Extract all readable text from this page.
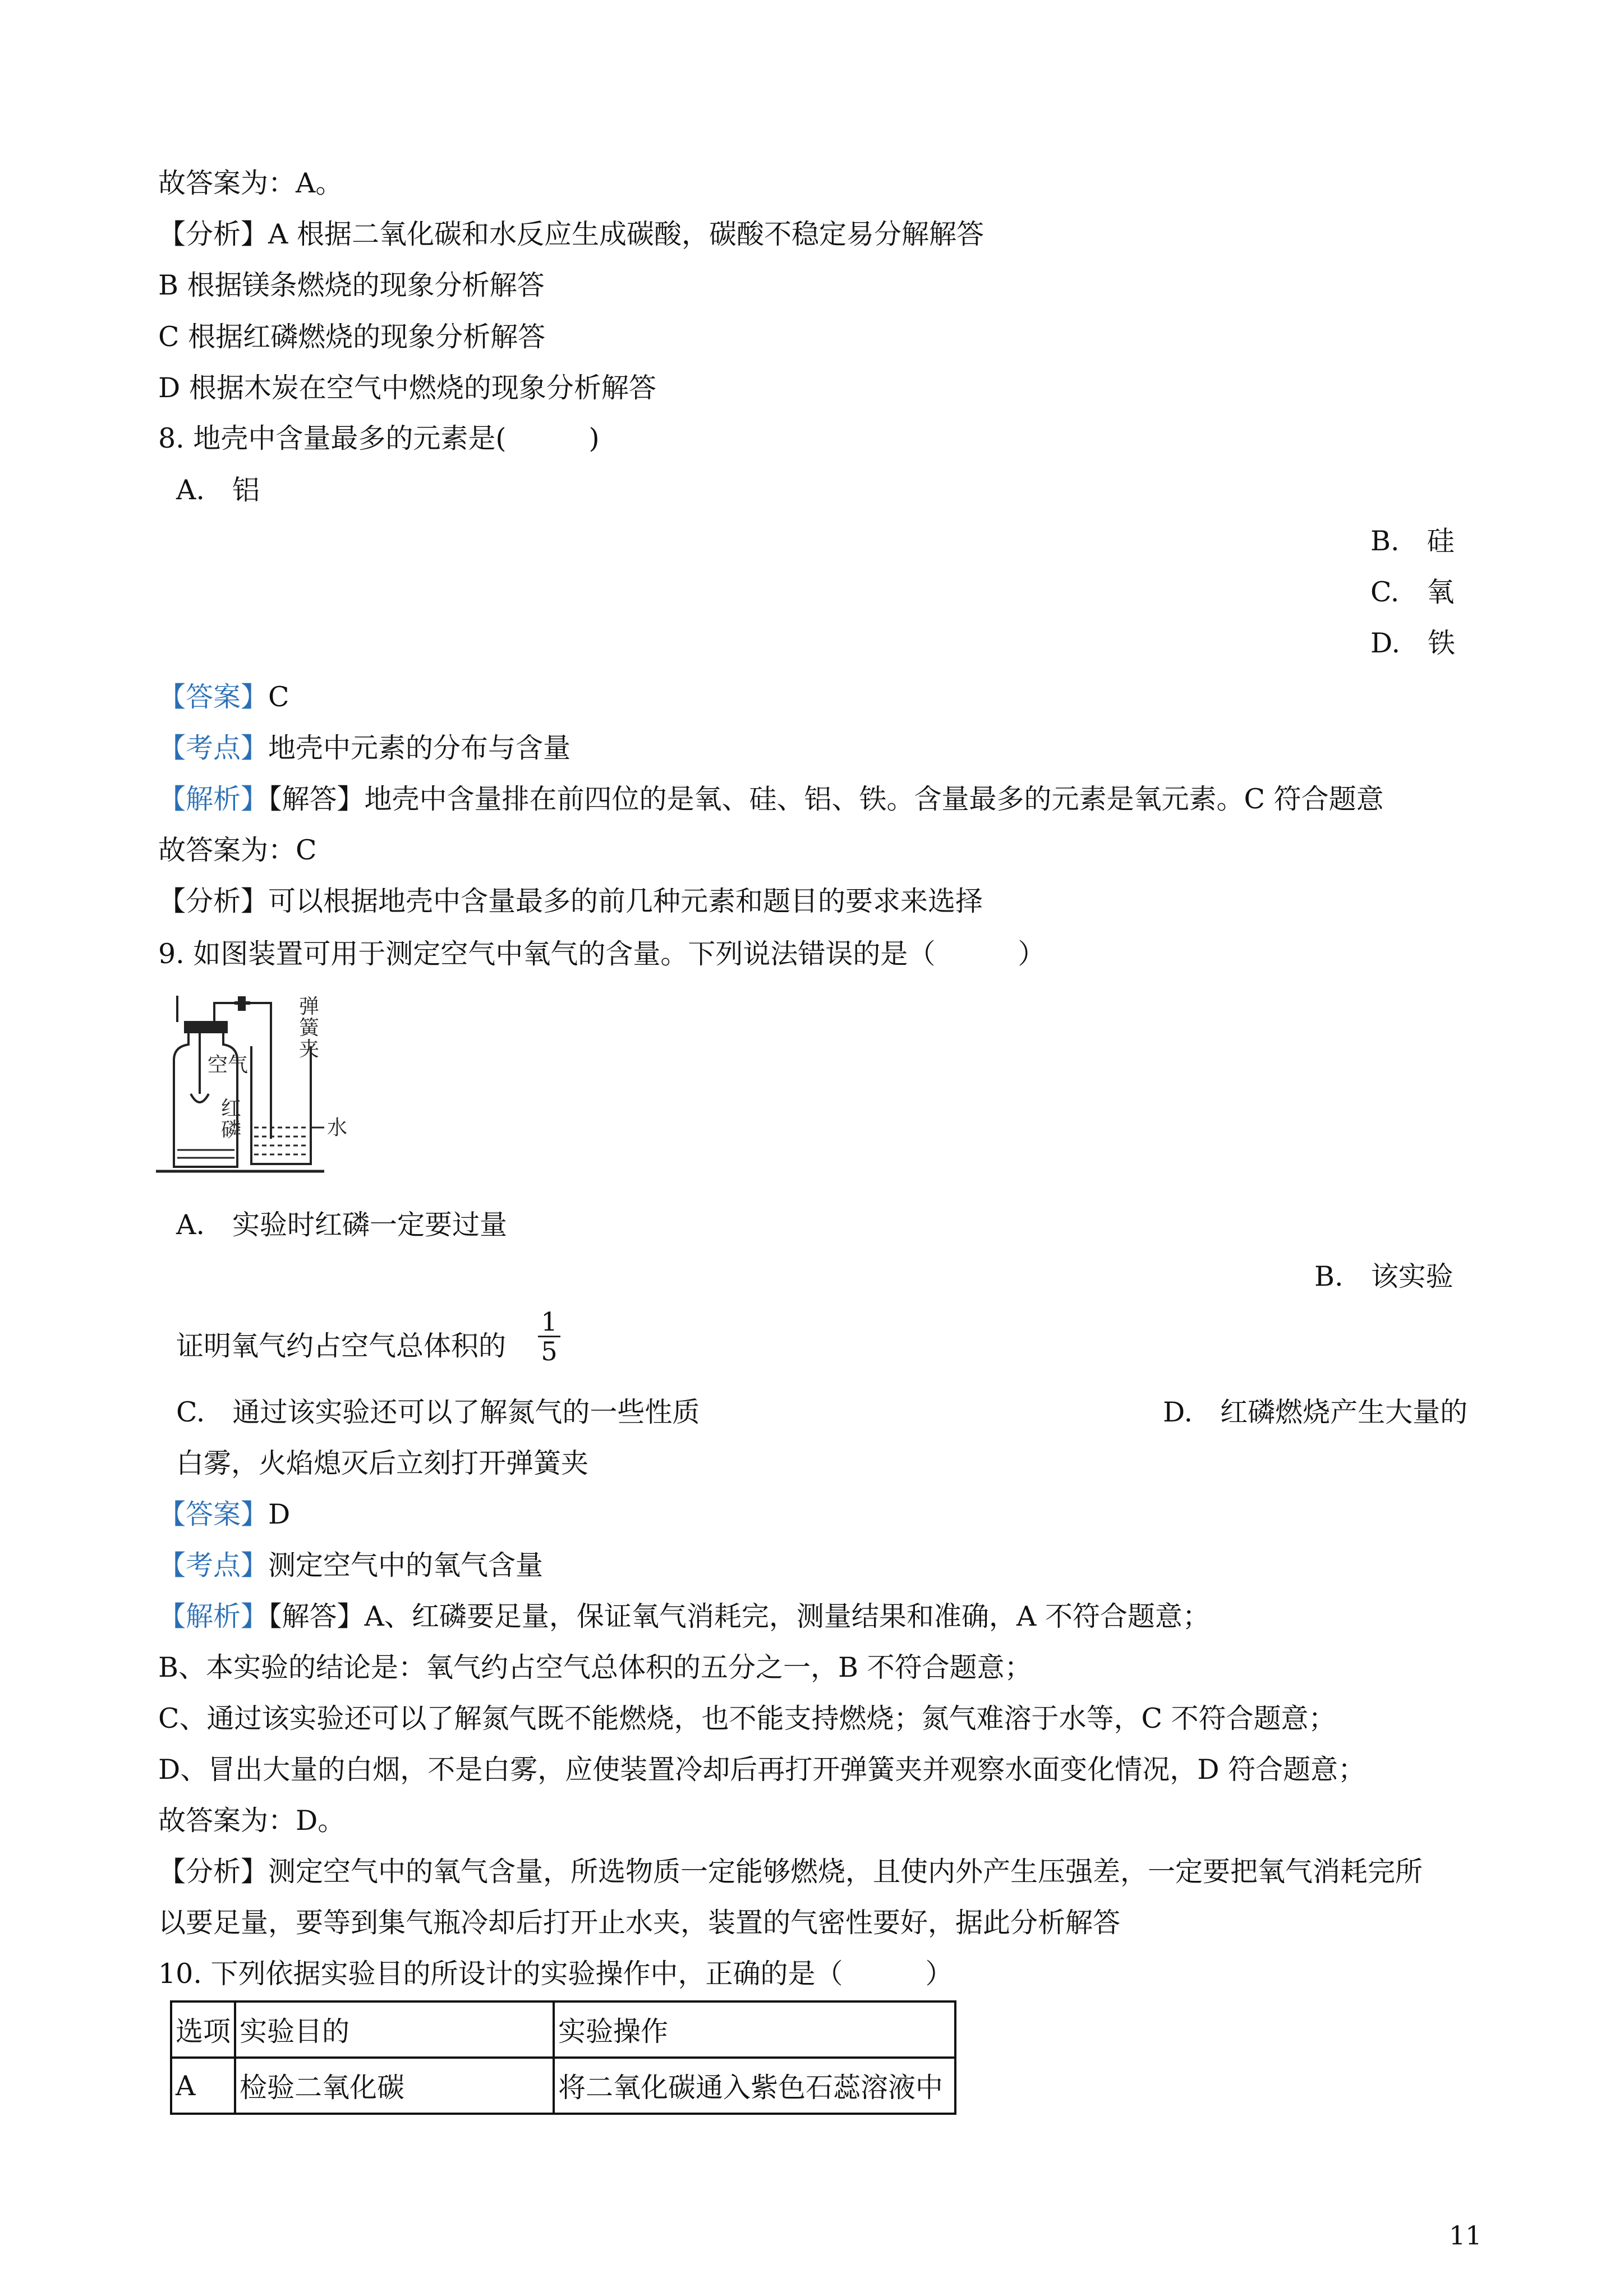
故答案为：A。
【分析】A 根据二氧化碳和水反应生成碳酸，碳酸不稳定易分解解答
B 根据镁条燃烧的现象分析解答
C 根据红磷燃烧的现象分析解答
D 根据木炭在空气中燃烧的现象分析解答
8. 地壳中含量最多的元素是(　　　)
A.　铝
B.　硅
C.　氧
D.　铁
【答案】C
【考点】地壳中元素的分布与含量
【解析】【解答】地壳中含量排在前四位的是氧、硅、铝、铁。含量最多的元素是氧元素。C 符合题意
故答案为：C
【分析】可以根据地壳中含量最多的前几种元素和题目的要求来选择
9. 如图装置可用于测定空气中氧气的含量。下列说法错误的是（　　　）
弹
簧
夹
空气
红
磷	水
A.　实验时红磷一定要过量
B.　该实验
证明氧气约占空气总体积的
1
5
C.　通过该实验还可以了解氮气的一些性质	D.　红磷燃烧产生大量的
白雾，火焰熄灭后立刻打开弹簧夹
【答案】D
【考点】测定空气中的氧气含量
【解析】【解答】A、红磷要足量，保证氧气消耗完，测量结果和准确，A 不符合题意；
B、本实验的结论是：氧气约占空气总体积的五分之一，B 不符合题意；
C、通过该实验还可以了解氮气既不能燃烧，也不能支持燃烧；氮气难溶于水等，C 不符合题意；
D、冒出大量的白烟，不是白雾，应使装置冷却后再打开弹簧夹并观察水面变化情况，D 符合题意；
故答案为：D。
【分析】测定空气中的氧气含量，所选物质一定能够燃烧，且使内外产生压强差，一定要把氧气消耗完所
以要足量，要等到集气瓶冷却后打开止水夹，装置的气密性要好，据此分析解答
10. 下列依据实验目的所设计的实验操作中，正确的是（　　　）
选项	实验目的	实验操作
A	检验二氧化碳	将二氧化碳通入紫色石蕊溶液中
11
